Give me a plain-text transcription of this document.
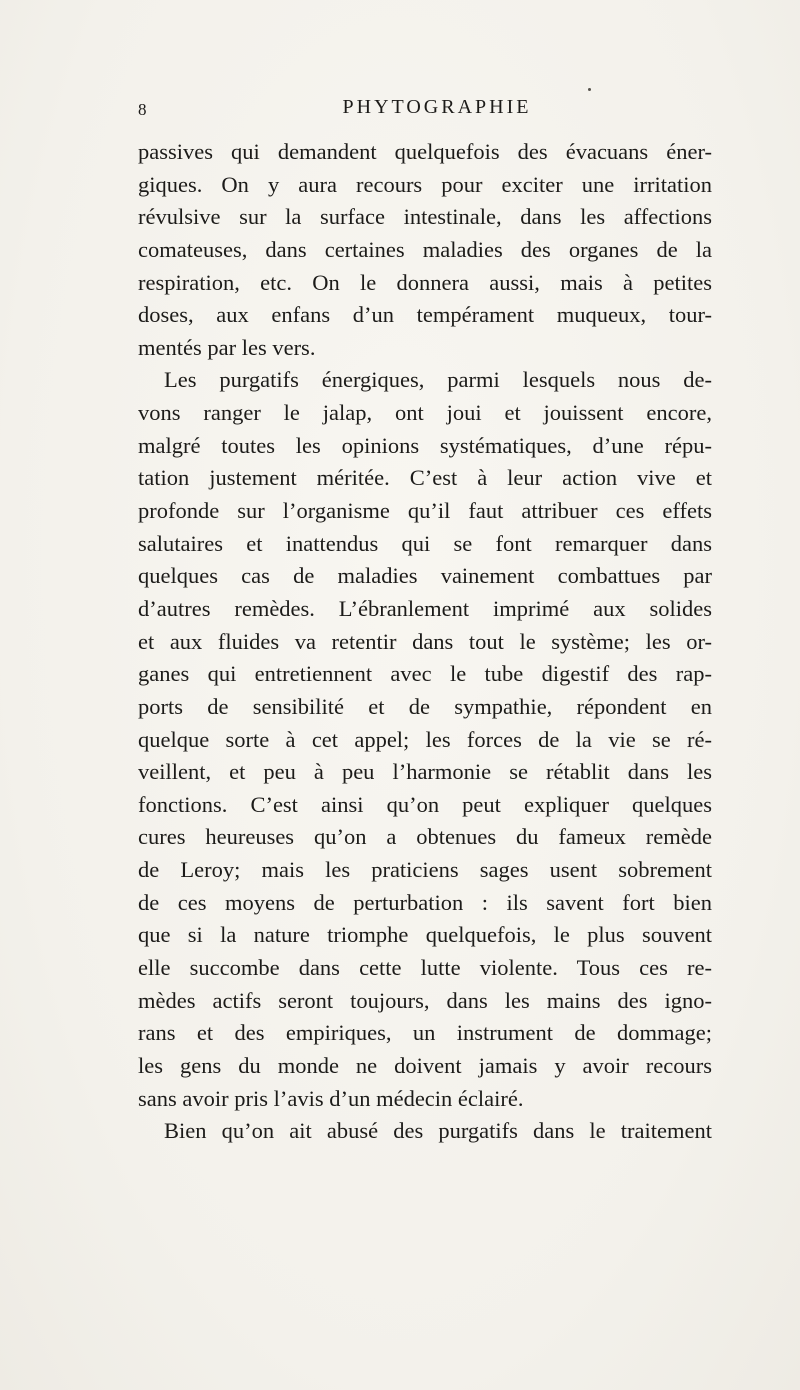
8	PHYTOGRAPHIE
passives qui demandent quelquefois des évacuans éner-
giques. On y aura recours pour exciter une irritation
révulsive sur la surface intestinale, dans les affections
comateuses, dans certaines maladies des organes de la
respiration, etc. On le donnera aussi, mais à petites
doses, aux enfans d’un tempérament muqueux, tour-
mentés par les vers.
Les purgatifs énergiques, parmi lesquels nous de-
vons ranger le jalap, ont joui et jouissent encore,
malgré toutes les opinions systématiques, d’une répu-
tation justement méritée. C’est à leur action vive et
profonde sur l’organisme qu’il faut attribuer ces effets
salutaires et inattendus qui se font remarquer dans
quelques cas de maladies vainement combattues par
d’autres remèdes. L’ébranlement imprimé aux solides
et aux fluides va retentir dans tout le système; les or-
ganes qui entretiennent avec le tube digestif des rap-
ports de sensibilité et de sympathie, répondent en
quelque sorte à cet appel; les forces de la vie se ré-
veillent, et peu à peu l’harmonie se rétablit dans les
fonctions. C’est ainsi qu’on peut expliquer quelques
cures heureuses qu’on a obtenues du fameux remède
de Leroy; mais les praticiens sages usent sobrement
de ces moyens de perturbation : ils savent fort bien
que si la nature triomphe quelquefois, le plus souvent
elle succombe dans cette lutte violente. Tous ces re-
mèdes actifs seront toujours, dans les mains des igno-
rans et des empiriques, un instrument de dommage;
les gens du monde ne doivent jamais y avoir recours
sans avoir pris l’avis d’un médecin éclairé.
Bien qu’on ait abusé des purgatifs dans le traitement
